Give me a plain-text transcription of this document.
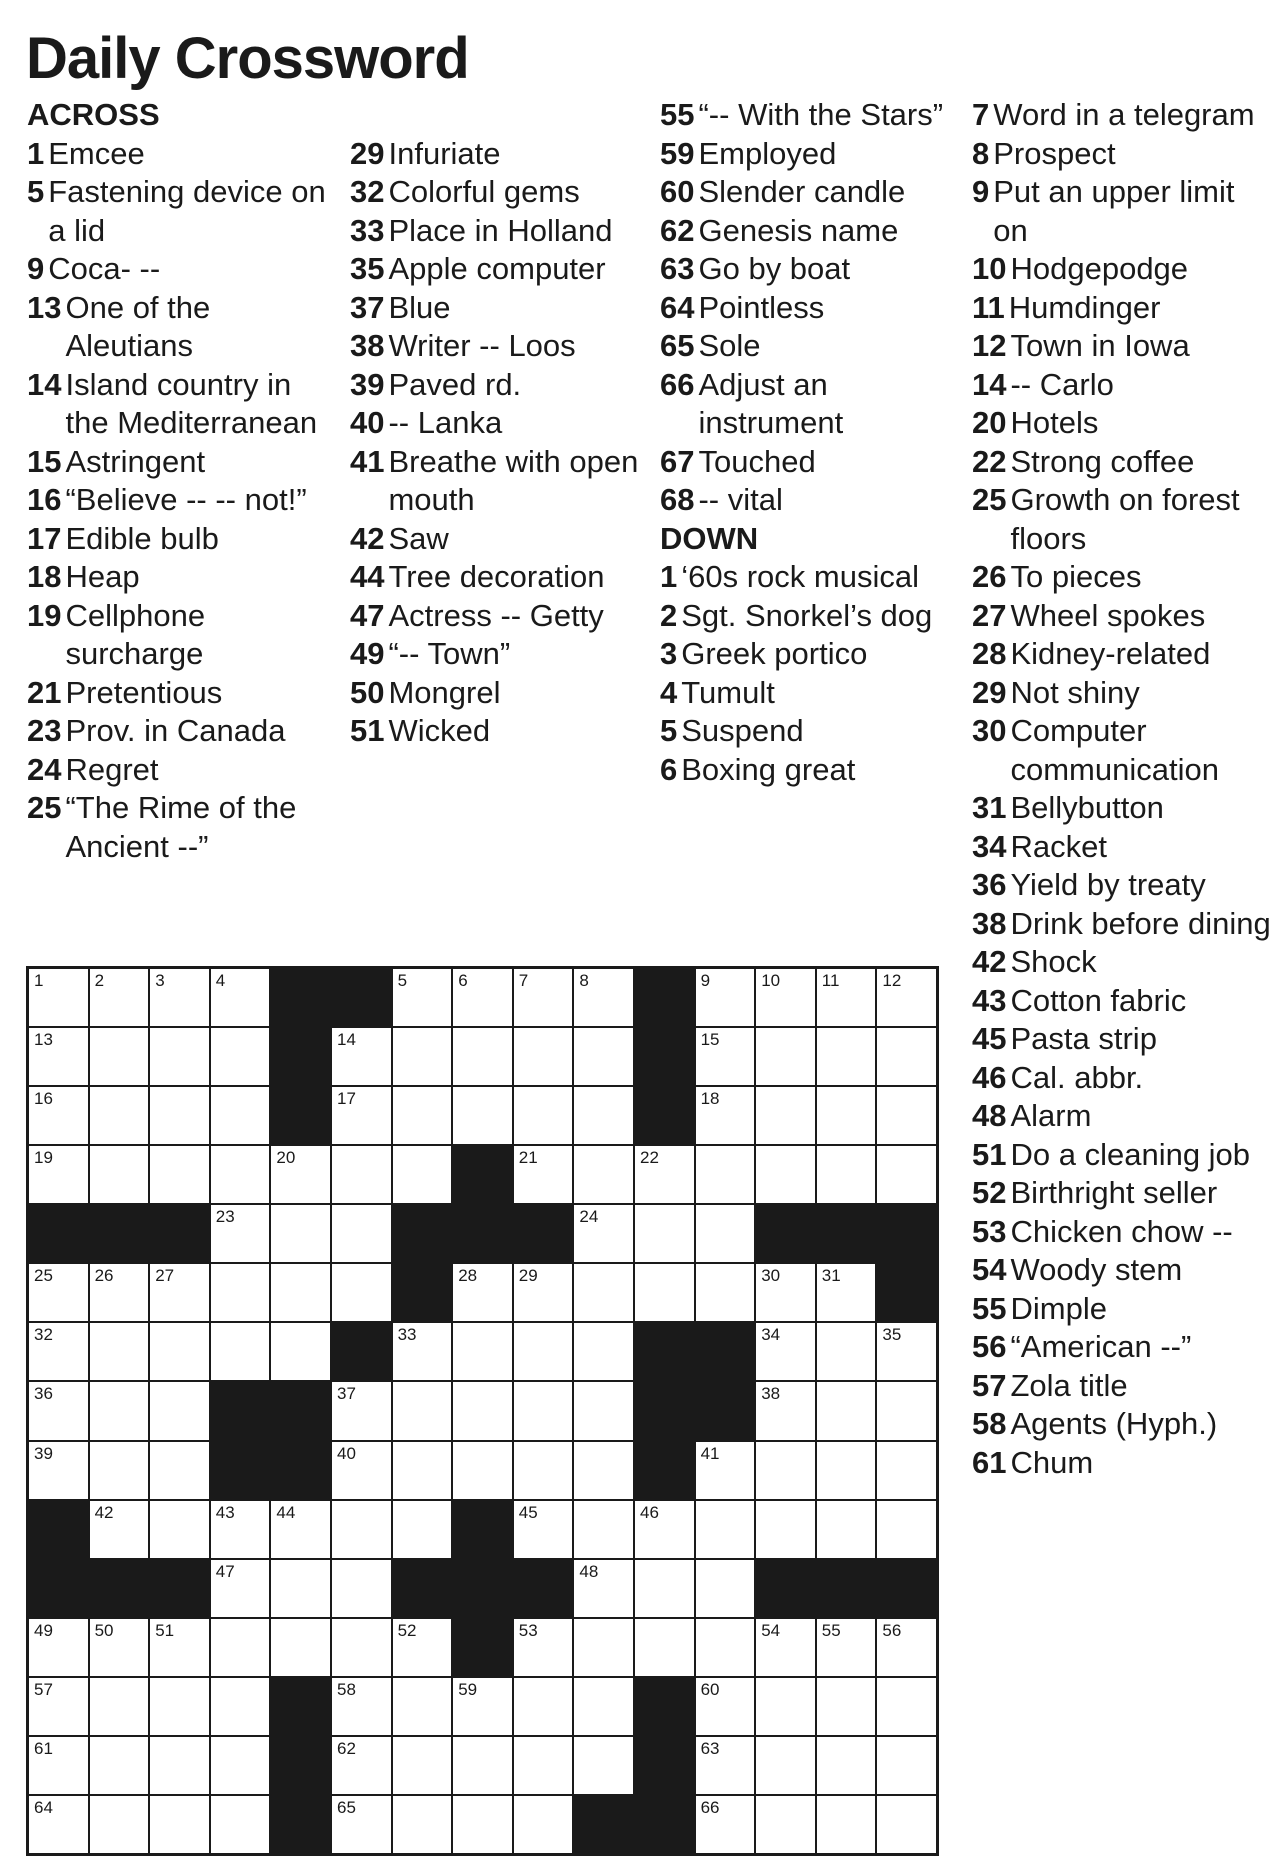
Daily Crossword
ACROSS
1 Emcee
5 Fastening device on a lid
9 Coca- --
13 One of the Aleutians
14 Island country in the Mediterranean
15 Astringent
16 “Believe -- -- not!”
17 Edible bulb
18 Heap
19 Cellphone surcharge
21 Pretentious
23 Prov. in Canada
24 Regret
25 “The Rime of the Ancient --”
29 Infuriate
32 Colorful gems
33 Place in Holland
35 Apple computer
37 Blue
38 Writer -- Loos
39 Paved rd.
40 -- Lanka
41 Breathe with open mouth
42 Saw
44 Tree decoration
47 Actress -- Getty
49 “-- Town”
50 Mongrel
51 Wicked
55 “-- With the Stars”
59 Employed
60 Slender candle
62 Genesis name
63 Go by boat
64 Pointless
65 Sole
66 Adjust an instrument
67 Touched
68 -- vital
DOWN
1 ‘60s rock musical
2 Sgt. Snorkel’s dog
3 Greek portico
4 Tumult
5 Suspend
6 Boxing great
7 Word in a telegram
8 Prospect
9 Put an upper limit on
10 Hodgepodge
11 Humdinger
12 Town in Iowa
14 -- Carlo
20 Hotels
22 Strong coffee
25 Growth on forest floors
26 To pieces
27 Wheel spokes
28 Kidney-related
29 Not shiny
30 Computer communication
31 Bellybutton
34 Racket
36 Yield by treaty
38 Drink before dining
42 Shock
43 Cotton fabric
45 Pasta strip
46 Cal. abbr.
48 Alarm
51 Do a cleaning job
52 Birthright seller
53 Chicken chow --
54 Woody stem
55 Dimple
56 “American --”
57 Zola title
58 Agents (Hyph.)
61 Chum
1	2	3	4	5	6	7	8	9	10 11	12
13	14	15
16	17	18
19	20	21	22
23	24
25 26 27	28 29	30 31
32	33	34	35
36	37	38
39	40	41
42	43 44	45	46
47	48
49 50 51	52	53	54 55 56
57	58	59	60
61	62	63
64	65	66
